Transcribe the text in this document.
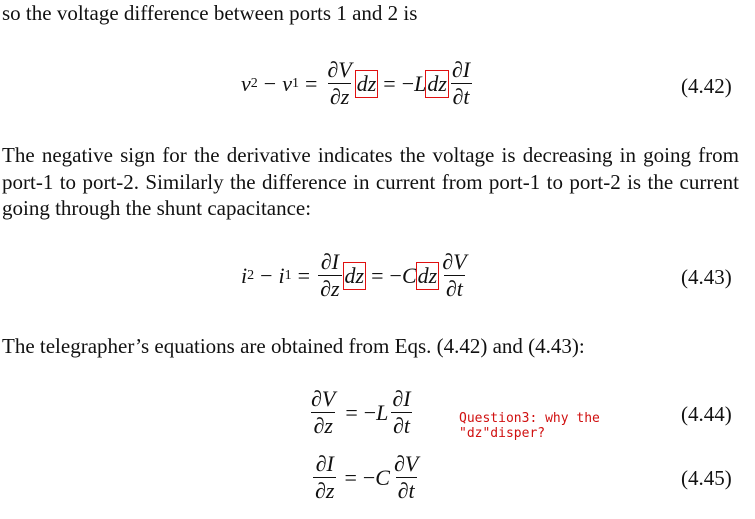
so the voltage difference between ports 1 and 2 is
v 2 − v $1 = \frac{\partial V}{\partial z}$ dz = − L dz $\frac{\partial I}{\partial t}$	(4.42)
The negative sign for the derivative indicates the voltage is decreasing in going from port-1 to port-2. Similarly the difference in current from port-1 to port-2 is the current going through the shunt capacitance:
i 2 − i $1 = \frac{\partial I}{\partial z}$ dz = − C dz $\frac{\partial V}{\partial t}$	(4.43)
The telegrapher’s equations are obtained from Eqs. (4.42) and (4.43):
$\frac{\partial V}{\partial z}$ = − L $\frac{\partial I}{\partial t}$	(4.44)
Question3: why the
"dz"disper?
$\frac{\partial I}{\partial z}$ = − C $\frac{\partial V}{\partial t}$	(4.45)
